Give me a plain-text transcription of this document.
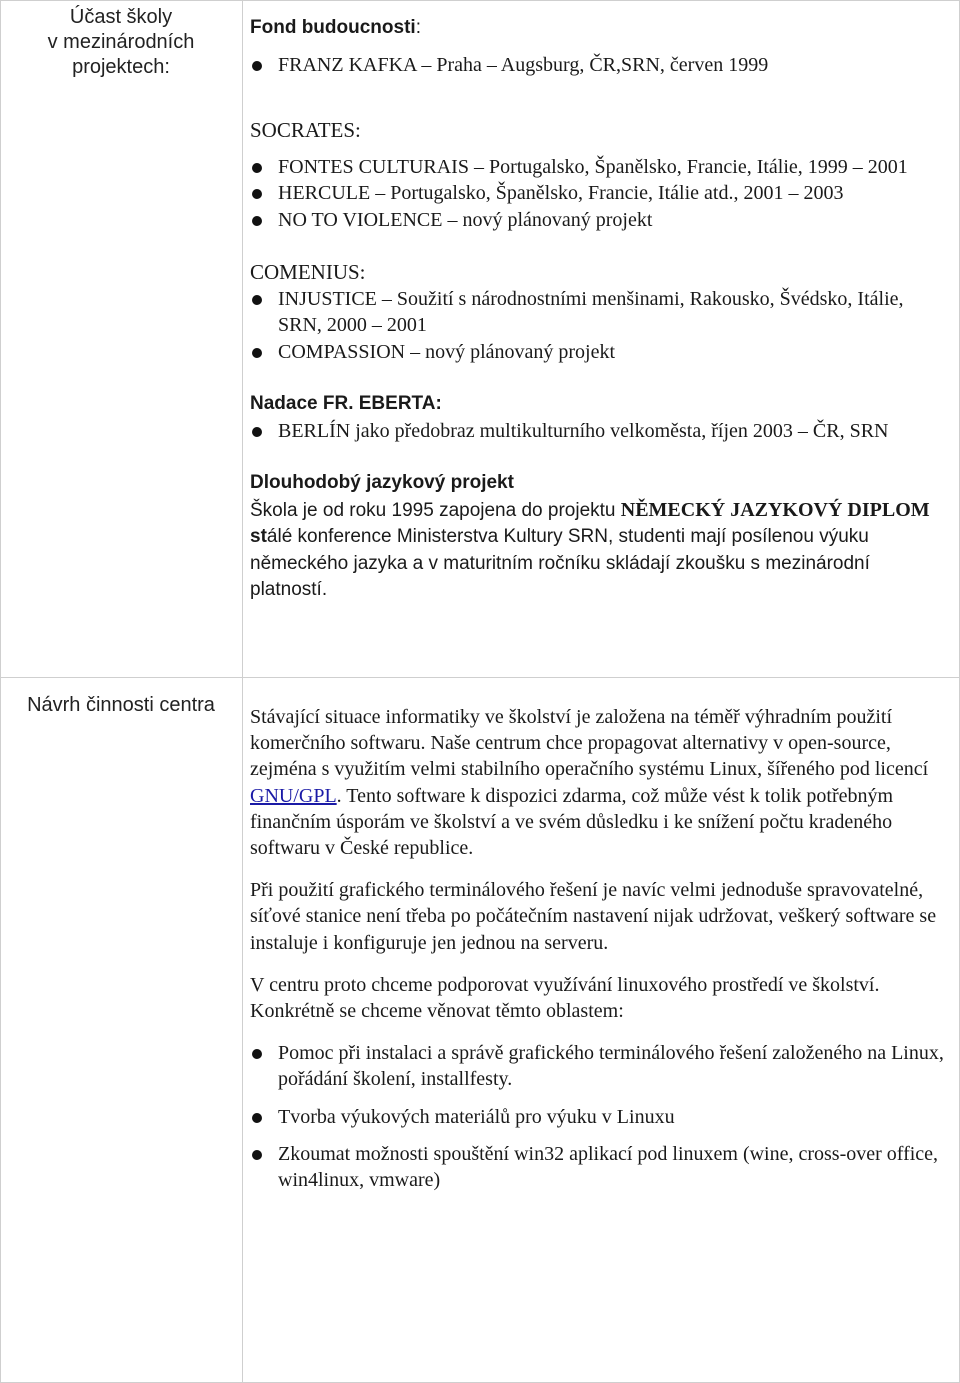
Účast školy
v mezinárodních
projektech:
Fond budoucnosti:
FRANZ KAFKA – Praha – Augsburg, ČR,SRN, červen 1999
SOCRATES:
FONTES CULTURAIS – Portugalsko, Španělsko, Francie, Itálie, 1999 – 2001
HERCULE – Portugalsko, Španělsko, Francie, Itálie atd., 2001 – 2003
NO TO VIOLENCE – nový plánovaný projekt
COMENIUS:
INJUSTICE – Soužití s národnostními menšinami, Rakousko, Švédsko, Itálie, SRN, 2000 – 2001
COMPASSION – nový plánovaný projekt
Nadace FR. EBERTA:
BERLÍN jako předobraz multikulturního velkoměsta, říjen 2003 – ČR, SRN
Dlouhodobý jazykový projekt
Škola je od roku 1995 zapojena do projektu NĚMECKÝ JAZYKOVÝ DIPLOM stálé konference Ministerstva Kultury SRN, studenti mají posílenou výuku německého jazyka a v maturitním ročníku skládají zkoušku s mezinárodní platností.
Návrh činnosti centra

Stávající situace informatiky ve školství je založena na téměř výhradním použití komerčního softwaru. Naše centrum chce propagovat alternativy v open-source, zejména s využitím velmi stabilního operačního systému Linux, šířeného pod licencí GNU/GPL. Tento software k dispozici zdarma, což může vést k tolik potřebným finančním úsporám ve školství a ve svém důsledku i ke snížení počtu kradeného softwaru v České republice.

Při použití grafického terminálového řešení je navíc velmi jednoduše spravovatelné, síťové stanice není třeba po počátečním nastavení nijak udržovat, veškerý software se instaluje i konfiguruje jen jednou na serveru.

V centru proto chceme podporovat využívání linuxového prostředí ve školství. Konkrétně se chceme věnovat těmto oblastem:

Pomoc při instalaci a správě grafického terminálového řešení založeného na Linux, pořádání školení, installfesty.
Tvorba výukových materiálů pro výuku v Linuxu
Zkoumat možnosti spouštění win32 aplikací pod linuxem (wine, cross-over office, win4linux, vmware)
